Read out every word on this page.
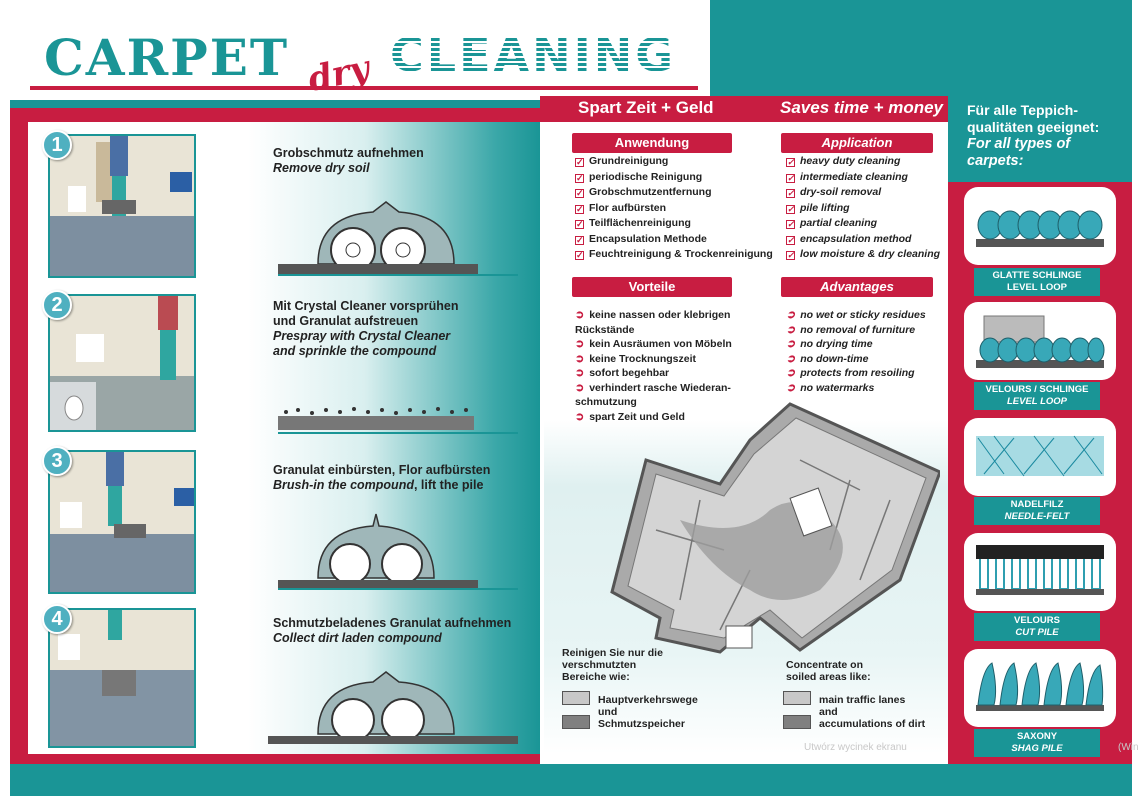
CARPET dry CLEANING
Spart Zeit + Geld	Saves time + money
1	Grobschmutz aufnehmen
Remove dry soil
2	Mit Crystal Cleaner vorsprühen
und Granulat aufstreuen
Prespray with Crystal Cleaner
and sprinkle the compound
3	Granulat einbürsten, Flor aufbürsten
Brush-in the compound, lift the pile
4	Schmutzbeladenes Granulat aufnehmen
Collect dirt laden compound
Anwendung	Application
✓ Grundreinigung
✓ periodische Reinigung
✓ Grobschmutzentfernung
✓ Flor aufbürsten
✓ Teilflächenreinigung
✓ Encapsulation Methode
✓ Feuchtreinigung & Trockenreinigung
✓ heavy duty cleaning
✓ intermediate cleaning
✓ dry-soil removal
✓ pile lifting
✓ partial cleaning
✓ encapsulation method
✓ low moisture & dry cleaning
Vorteile	Advantages
➲ keine nassen oder klebrigen Rückstände
➲ kein Ausräumen von Möbeln
➲ keine Trocknungszeit
➲ sofort begehbar
➲ verhindert rasche Wiederan-schmutzung
➲ spart Zeit und Geld
➲ no wet or sticky residues
➲ no removal of furniture
➲ no drying time
➲ no down-time
➲ protects from resoiling
➲ no watermarks
Reinigen Sie nur die verschmutzten Bereiche wie:
Concentrate on soiled areas like:
Hauptverkehrswege
und
Schmutzspeicher
main traffic lanes
and
accumulations of dirt
Für alle Teppich-
qualitäten geeignet:
For all types of
carpets:
GLATTE SCHLINGE
LEVEL LOOP
VELOURS / SCHLINGE
LEVEL LOOP
NADELFILZ
NEEDLE-FELT
VELOURS
CUT PILE
SAXONY
SHAG PILE
Utwórz wycinek ekranu	(Win
